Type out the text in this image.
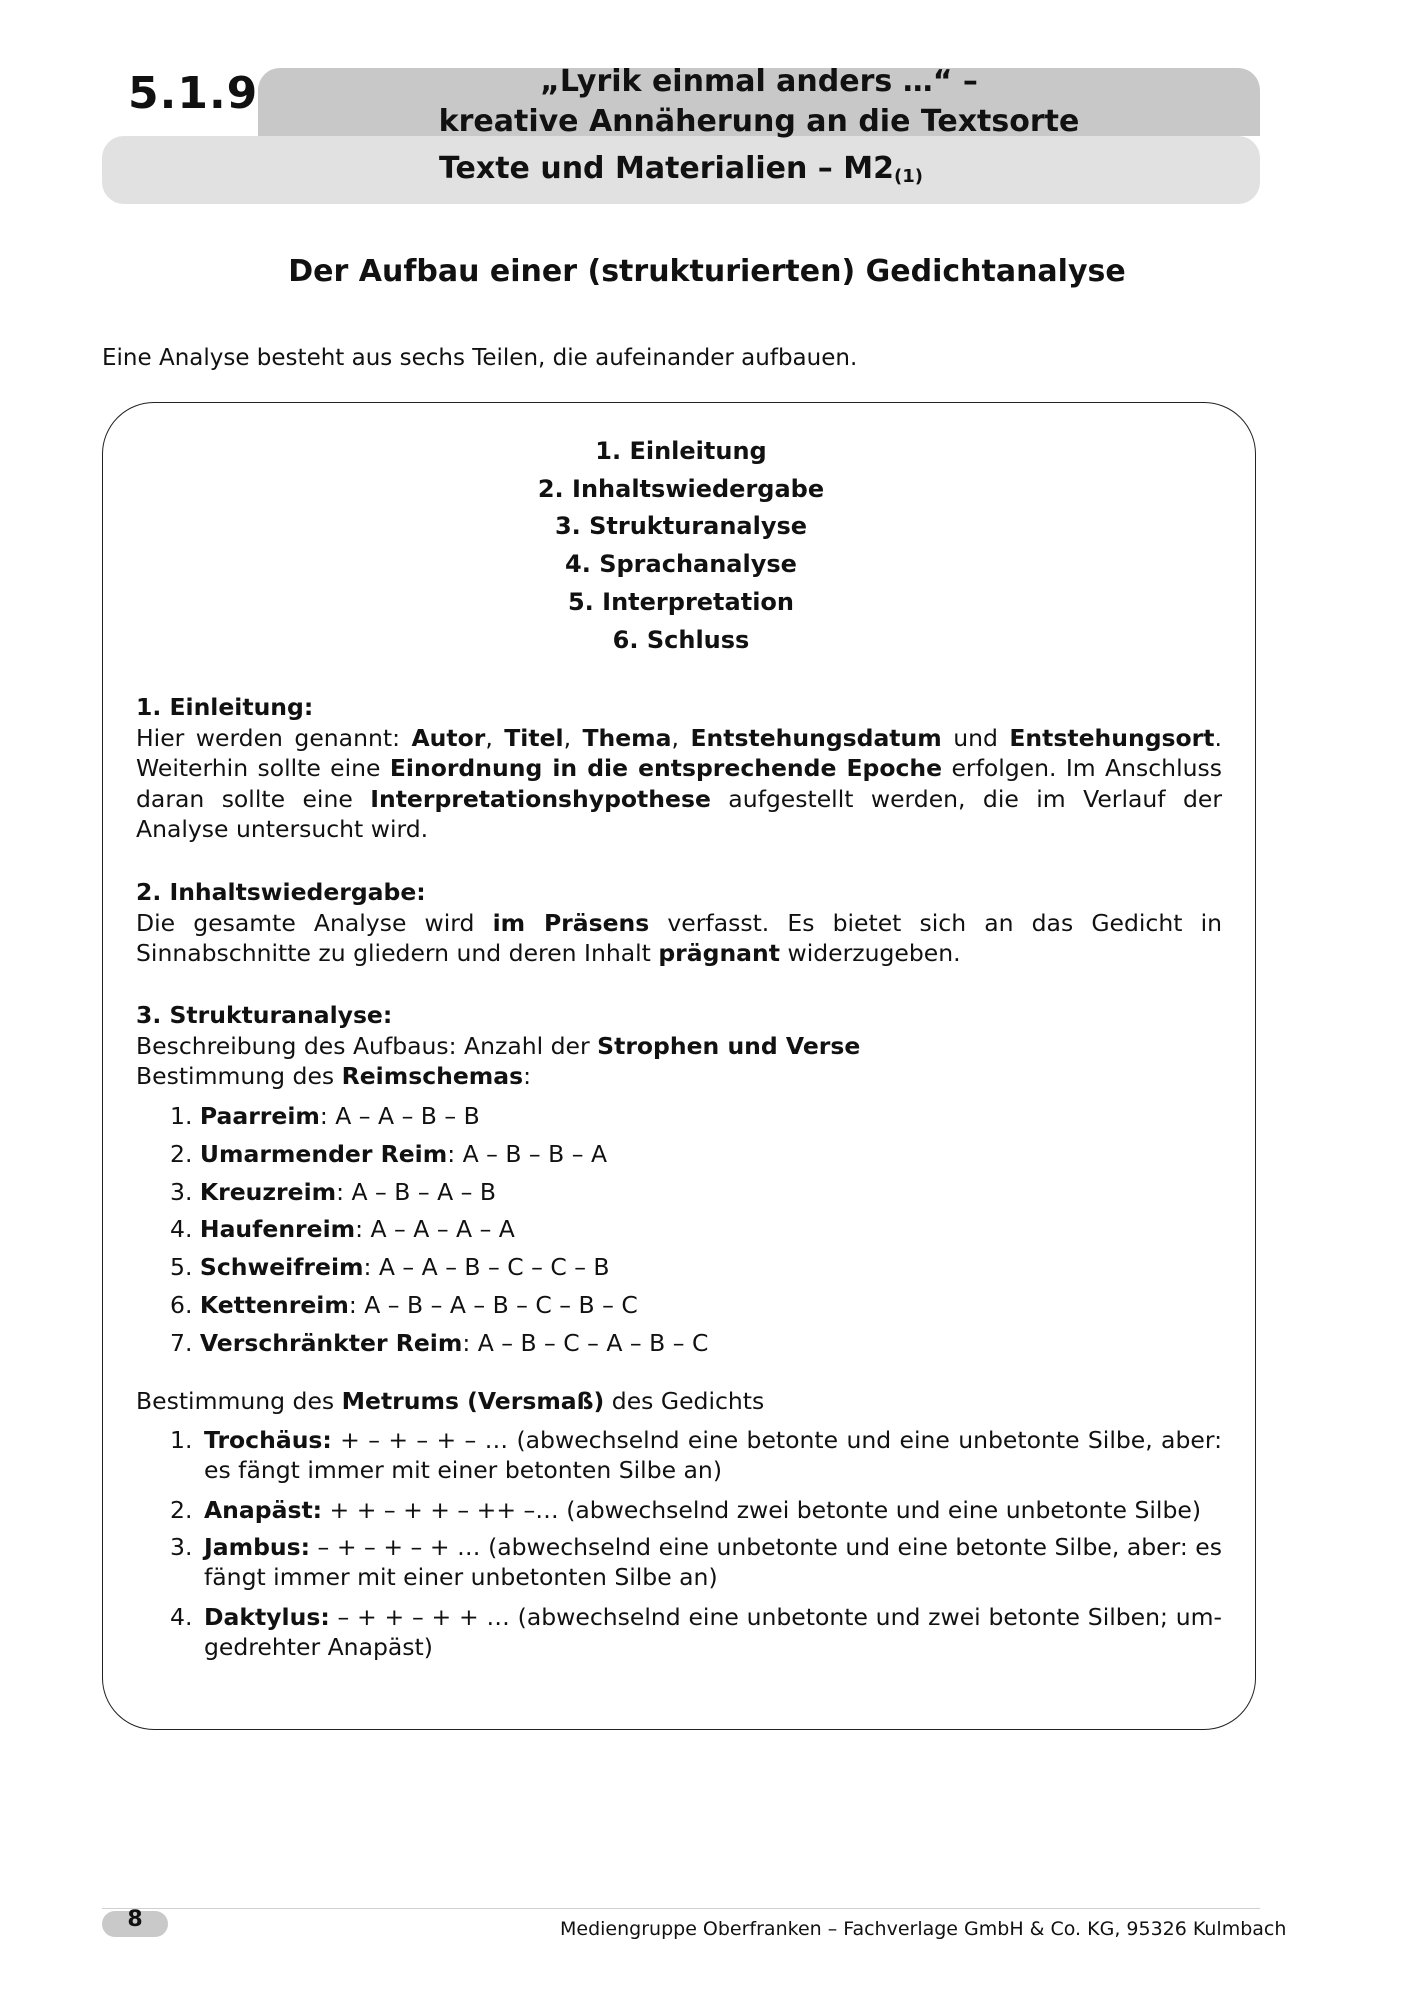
5.1.9	„Lyrik einmal anders …“ –
kreative Annäherung an die Textsorte
Texte und Materialien – $M2_{(1)}$
Der Aufbau einer (strukturierten) Gedichtanalyse
Eine Analyse besteht aus sechs Teilen, die aufeinander aufbauen.
1. Einleitung
2. Inhaltswiedergabe
3. Strukturanalyse
4. Sprachanalyse
5. Interpretation
6. Schluss
1. Einleitung:
Hier werden genannt: Autor, Titel, Thema, Entstehungsdatum und Entstehungsort. Weiterhin sollte eine Einordnung in die entsprechende Epoche erfolgen. Im Anschluss daran sollte eine Interpretationshypothese aufgestellt werden, die im Verlauf der Analyse untersucht wird.
2. Inhaltswiedergabe:
Die gesamte Analyse wird im Präsens verfasst. Es bietet sich an das Gedicht in Sinnabschnitte zu gliedern und deren Inhalt prägnant widerzugeben.
3. Strukturanalyse:
Beschreibung des Aufbaus: Anzahl der Strophen und Verse
Bestimmung des Reimschemas:
1. Paarreim: A – A – B – B
2. Umarmender Reim: A – B – B – A
3. Kreuzreim: A – B – A – B
4. Haufenreim: A – A – A – A
5. Schweifreim: A – A – B – C – C – B
6. Kettenreim: A – B – A – B – C – B – C
7. Verschränkter Reim: A – B – C – A – B – C
Bestimmung des Metrums (Versmaß) des Gedichts
1. Trochäus: + – + – + – … (abwechselnd eine betonte und eine unbetonte Silbe, aber: es fängt immer mit einer betonten Silbe an)
2. Anapäst: + + – + + – ++ –… (abwechselnd zwei betonte und eine unbetonte Silbe)
3. Jambus: – + – + – + … (abwechselnd eine unbetonte und eine betonte Silbe, aber: es fängt immer mit einer unbetonten Silbe an)
4. Daktylus: – + + – + + … (abwechselnd eine unbetonte und zwei betonte Silben; um-gedrehter Anapäst)
8	Mediengruppe Oberfranken – Fachverlage GmbH & Co. KG, 95326 Kulmbach
